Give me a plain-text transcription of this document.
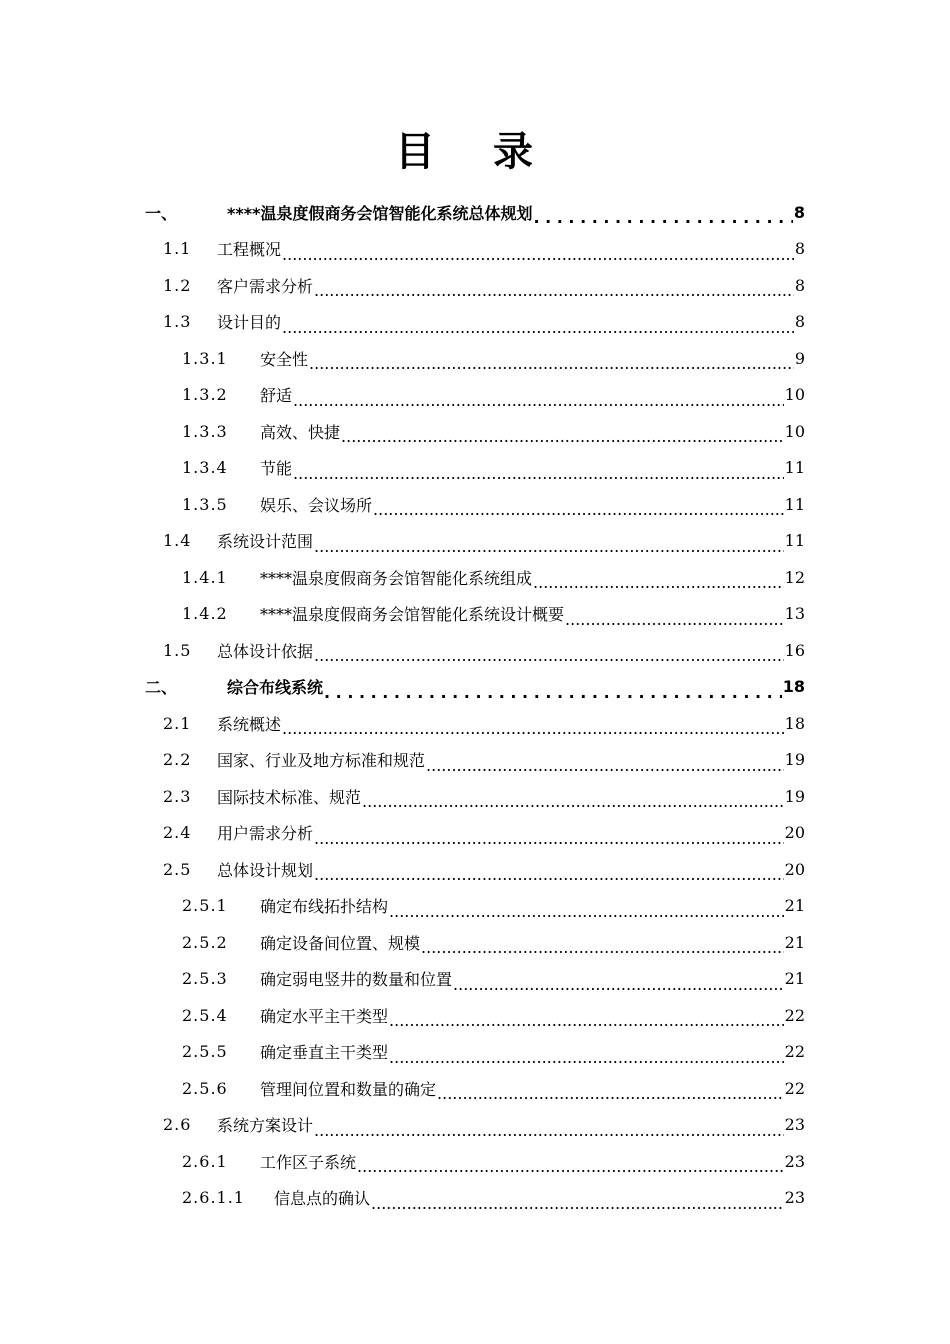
目 录
一、	****温泉度假商务会馆智能化系统总体规划 . . .	8
1.1	工程概况 .....	8
1.2	客户需求分析 .....	8
1.3	设计目的 .....	8
1.3.1	安全性 .....	9
1.3.2	舒适 .....	10
1.3.3	高效、快捷 .....	10
1.3.4	节能 .....	11
1.3.5	娱乐、会议场所 .....	11
1.4	系统设计范围 .....	11
1.4.1	****温泉度假商务会馆智能化系统组成 .....	12
1.4.2	****温泉度假商务会馆智能化系统设计概要 .....	13
1.5	总体设计依据 .....	16
二、	综合布线系统 . . .	18
2.1	系统概述 .....	18
2.2	国家、行业及地方标准和规范 .....	19
2.3	国际技术标准、规范 .....	19
2.4	用户需求分析 .....	20
2.5	总体设计规划 .....	20
2.5.1	确定布线拓扑结构 .....	21
2.5.2	确定设备间位置、规模 .....	21
2.5.3	确定弱电竖井的数量和位置 .....	21
2.5.4	确定水平主干类型 .....	22
2.5.5	确定垂直主干类型 .....	22
2.5.6	管理间位置和数量的确定 .....	22
2.6	系统方案设计 .....	23
2.6.1	工作区子系统 .....	23
2.6.1.1	信息点的确认 .....	23
